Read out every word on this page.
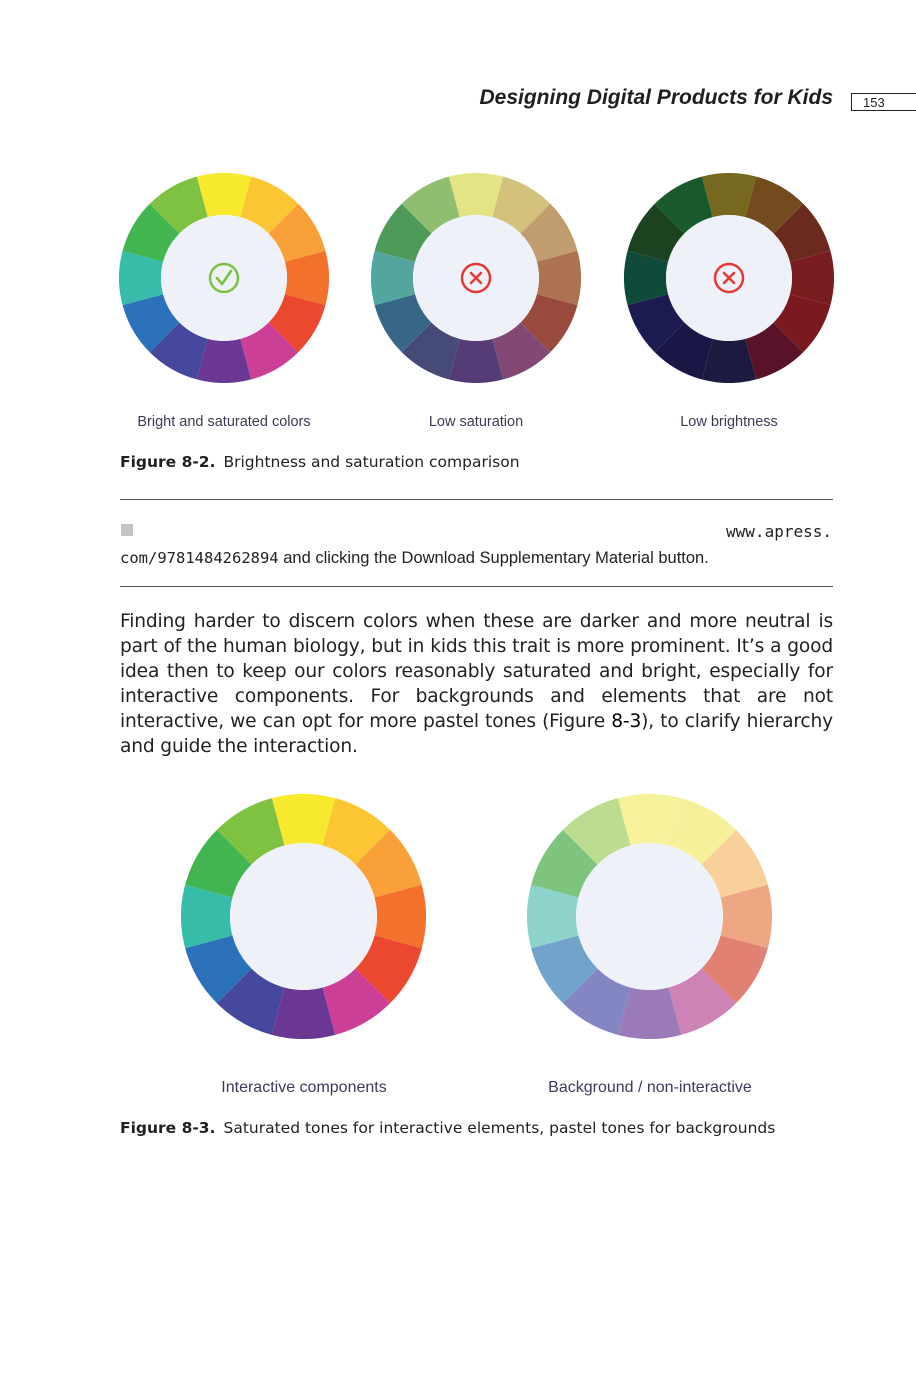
Designing Digital Products for Kids	153
Bright and saturated colors	Low saturation	Low brightness
Figure 8-2. Brightness and saturation comparison
www.apress.
com/9781484262894 and clicking the Download Supplementary Material button.
Finding harder to discern colors when these are darker and more neutral is part of the human biology, but in kids this trait is more prominent. It’s a good idea then to keep our colors reasonably saturated and bright, especially for interactive components. For backgrounds and elements that are not interactive, we can opt for more pastel tones (Figure 8-3), to clarify hierarchy and guide the interaction.
Interactive components	Background / non-interactive
Figure 8-3. Saturated tones for interactive elements, pastel tones for backgrounds
